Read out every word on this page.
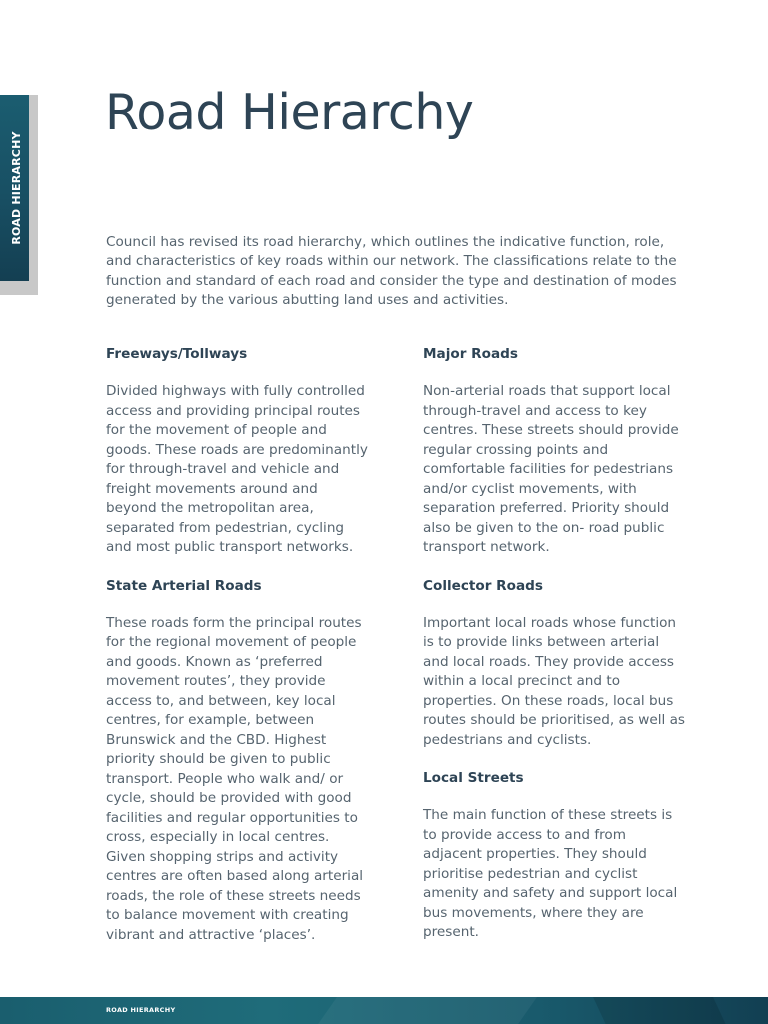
ROAD HIERARCHY
Road Hierarchy

Council has revised its road hierarchy, which outlines the indicative function, role, and characteristics of key roads within our network. The classifications relate to the function and standard of each road and consider the type and destination of modes generated by the various abutting land uses and activities.

Freeways/Tollways

Divided highways with fully controlled access and providing principal routes for the movement of people and goods. These roads are predominantly for through-travel and vehicle and freight movements around and beyond the metropolitan area, separated from pedestrian, cycling and most public transport networks.

State Arterial Roads

These roads form the principal routes for the regional movement of people and goods. Known as ‘preferred movement routes’, they provide access to, and between, key local centres, for example, between Brunswick and the CBD. Highest priority should be given to public transport. People who walk and/ or cycle, should be provided with good facilities and regular opportunities to cross, especially in local centres. Given shopping strips and activity centres are often based along arterial roads, the role of these streets needs to balance movement with creating vibrant and attractive ‘places’.

Major Roads

Non-arterial roads that support local through-travel and access to key centres. These streets should provide regular crossing points and comfortable facilities for pedestrians and/or cyclist movements, with separation preferred. Priority should also be given to the on- road public transport network.

Collector Roads

Important local roads whose function is to provide links between arterial and local roads. They provide access within a local precinct and to properties. On these roads, local bus routes should be prioritised, as well as pedestrians and cyclists.

Local Streets

The main function of these streets is to provide access to and from adjacent properties. They should prioritise pedestrian and cyclist amenity and safety and support local bus movements, where they are present.

ROAD HIERARCHY
